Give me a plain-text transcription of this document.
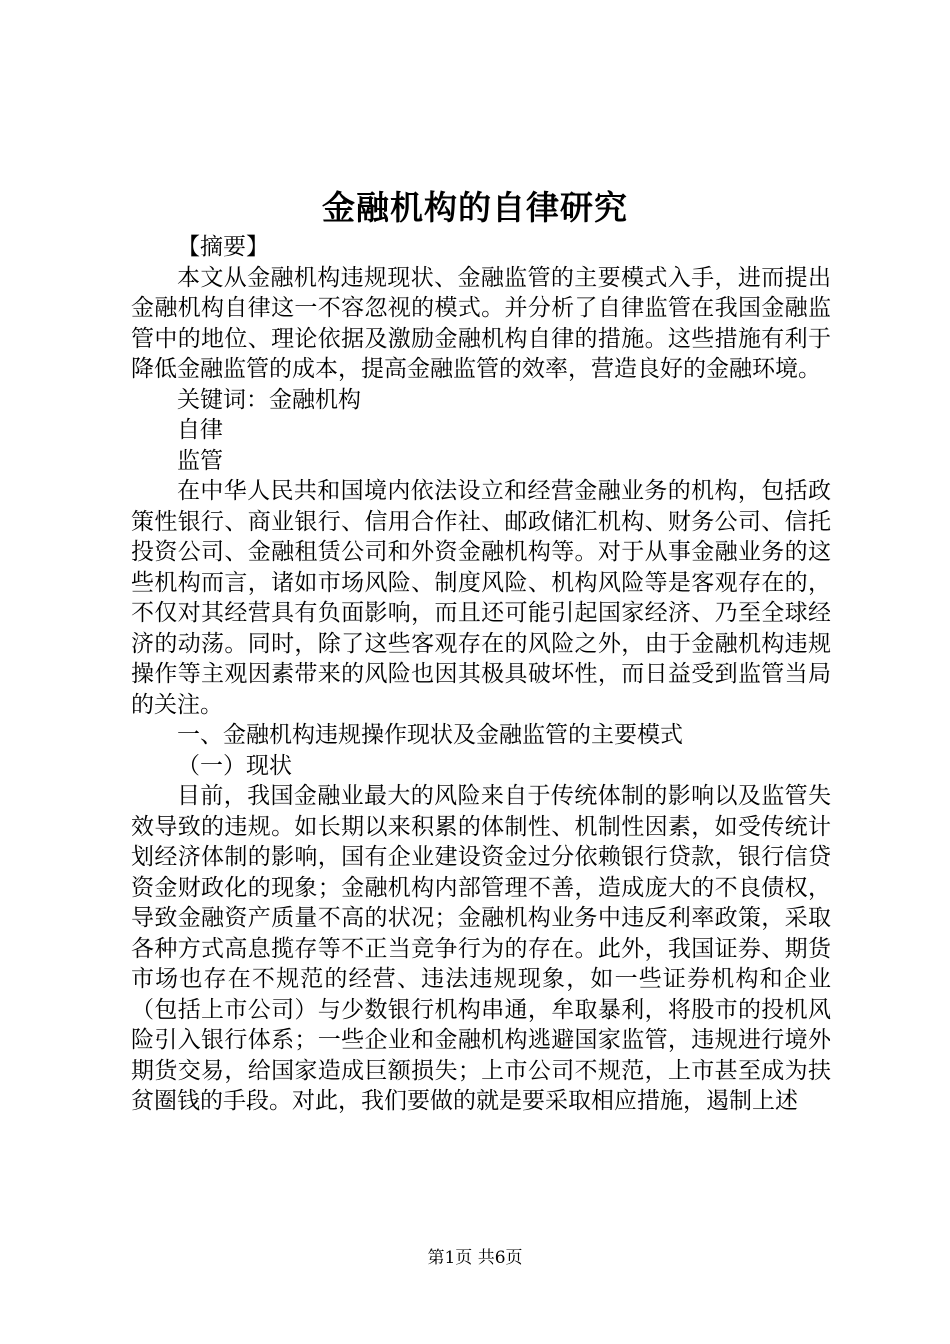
金融机构的自律研究

【摘要】

本文从金融机构违规现状、金融监管的主要模式入手，进而提出金融机构自律这一不容忽视的模式。并分析了自律监管在我国金融监管中的地位、理论依据及激励金融机构自律的措施。这些措施有利于降低金融监管的成本，提高金融监管的效率，营造良好的金融环境。

关键词：金融机构

自律

监管

在中华人民共和国境内依法设立和经营金融业务的机构，包括政策性银行、商业银行、信用合作社、邮政储汇机构、财务公司、信托投资公司、金融租赁公司和外资金融机构等。对于从事金融业务的这些机构而言，诸如市场风险、制度风险、机构风险等是客观存在的，不仅对其经营具有负面影响，而且还可能引起国家经济、乃至全球经济的动荡。同时，除了这些客观存在的风险之外，由于金融机构违规操作等主观因素带来的风险也因其极具破坏性，而日益受到监管当局的关注。

一、金融机构违规操作现状及金融监管的主要模式

（一）现状

目前，我国金融业最大的风险来自于传统体制的影响以及监管失效导致的违规。如长期以来积累的体制性、机制性因素，如受传统计划经济体制的影响，国有企业建设资金过分依赖银行贷款，银行信贷资金财政化的现象；金融机构内部管理不善，造成庞大的不良债权，导致金融资产质量不高的状况；金融机构业务中违反利率政策，采取各种方式高息揽存等不正当竞争行为的存在。此外，我国证券、期货市场也存在不规范的经营、违法违规现象，如一些证券机构和企业（包括上市公司）与少数银行机构串通，牟取暴利，将股市的投机风险引入银行体系；一些企业和金融机构逃避国家监管，违规进行境外期货交易，给国家造成巨额损失；上市公司不规范，上市甚至成为扶贫圈钱的手段。对此，我们要做的就是要采取相应措施，遏制上述

第1页 共6页
